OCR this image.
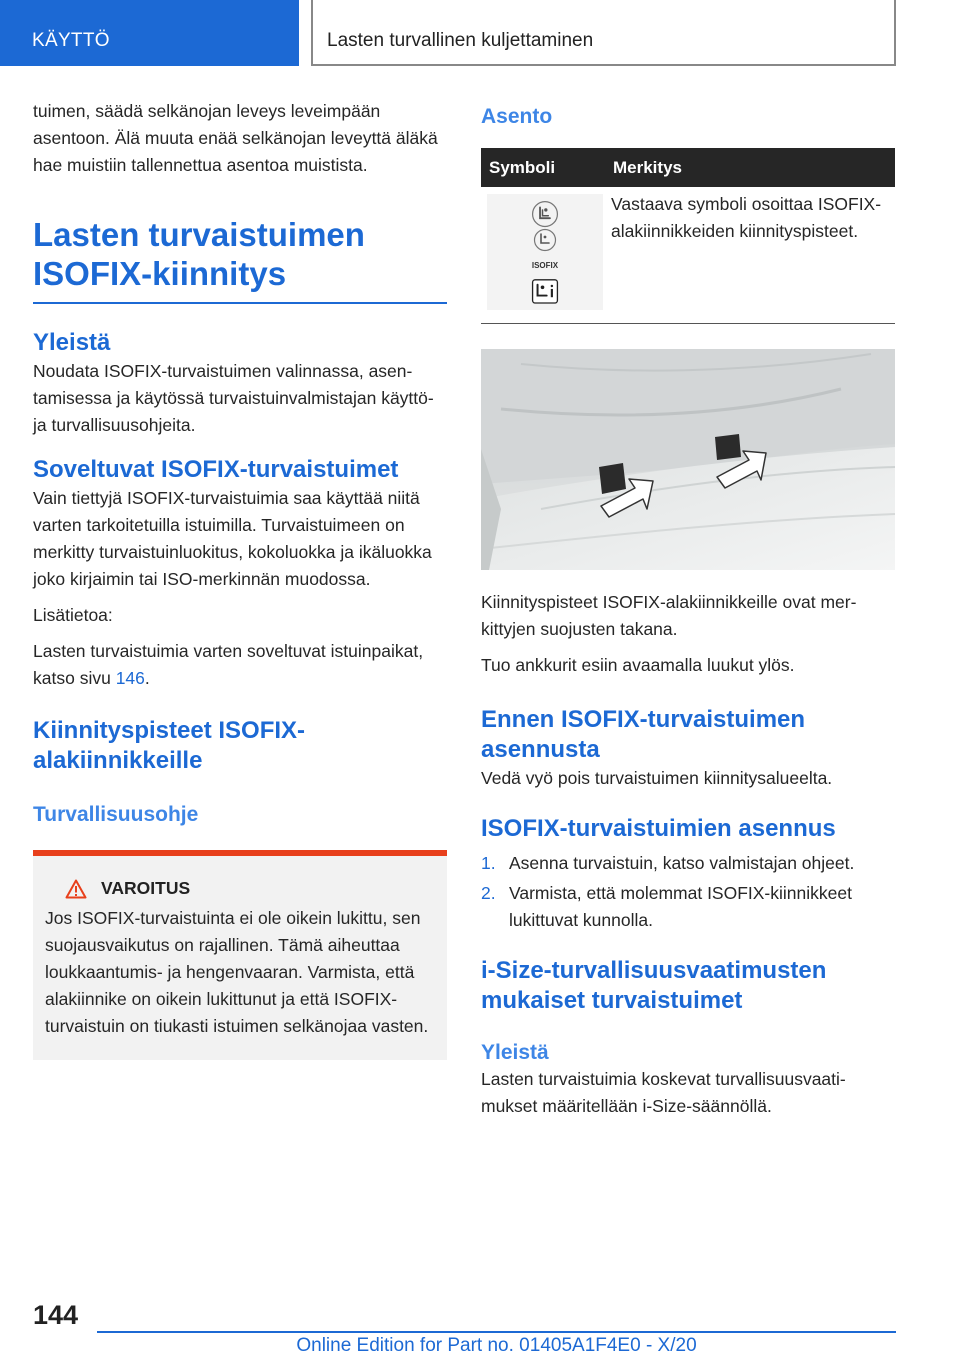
KÄYTTÖ	Lasten turvallinen kuljettaminen

tuimen, säädä selkänojan leveys leveimpään asentoon. Älä muuta enää selkänojan leveyttä äläkä hae muistiin tallennettua asentoa muistista.

Lasten turvaistuimen ISOFIX-kiinnitys
Yleistä

Noudata ISOFIX-turvaistuimen valinnassa, asentamisessa ja käytössä turvaistuinvalmistajan käyttö- ja turvallisuusohjeita.

Soveltuvat ISOFIX-turvaistuimet

Vain tiettyjä ISOFIX-turvaistuimia saa käyttää niitä varten tarkoitetuilla istuimilla. Turvaistuimeen on merkitty turvaistuinluokitus, kokoluokka ja ikäluokka joko kirjaimin tai ISO-merkinnän muodossa.

Lisätietoa:

Lasten turvaistuimia varten soveltuvat istuinpaikat, katso sivu 146.

Kiinnityspisteet ISOFIX-alakiinnikkeille
Turvallisuusohje
VAROITUS

Jos ISOFIX-turvaistuinta ei ole oikein lukittu, sen suojausvaikutus on rajallinen. Tämä aiheuttaa loukkaantumis- ja hengenvaaran. Varmista, että alakiinnike on oikein lukittunut ja että ISOFIX-turvaistuin on tiukasti istuimen selkänojaa vasten.

Asento
Symboli	Merkitys

ISOFIX	Vastaava symboli osoittaa ISOFIX-alakiinnikkeiden kiinnityspisteet.

Kiinnityspisteet ISOFIX-alakiinnikkeille ovat merkittyjen suojusten takana.

Tuo ankkurit esiin avaamalla luukut ylös.

Ennen ISOFIX-turvaistuimen asennusta

Vedä vyö pois turvaistuimen kiinnitysalueelta.

ISOFIX-turvaistuimien asennus
1. Asenna turvaistuin, katso valmistajan ohjeet.
2. Varmista, että molemmat ISOFIX-kiinnikkeet lukittuvat kunnolla.
i-Size-turvallisuusvaatimusten mukaiset turvaistuimet
Yleistä

Lasten turvaistuimia koskevat turvallisuusvaatimukset määritellään i-Size-säännöllä.

144
Online Edition for Part no. 01405A1F4E0 - X/20
